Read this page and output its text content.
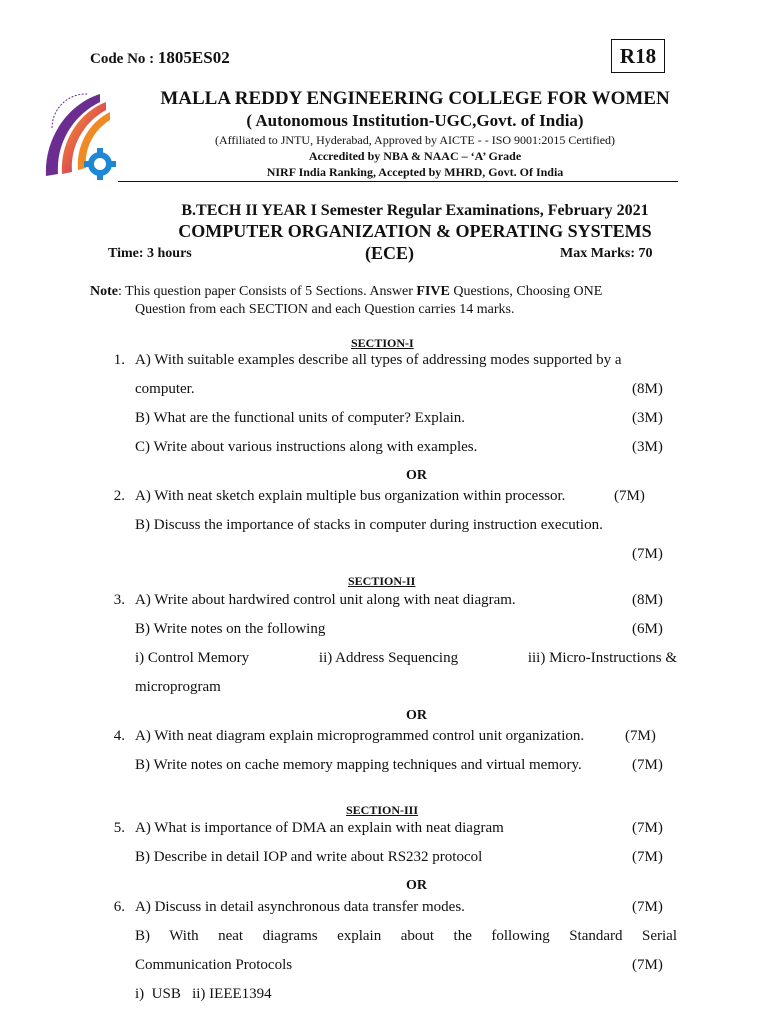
Code No : 1805ES02	R18
MALLA REDDY ENGINEERING COLLEGE FOR WOMEN
( Autonomous Institution-UGC,Govt. of India)
(Affiliated to JNTU, Hyderabad, Approved by AICTE - - ISO 9001:2015 Certified)
Accredited by NBA & NAAC – ‘A’ Grade
NIRF India Ranking, Accepted by MHRD, Govt. Of India
B.TECH II YEAR I Semester Regular Examinations, February 2021
COMPUTER ORGANIZATION & OPERATING SYSTEMS
Time: 3 hours	(ECE)	Max Marks: 70
Note: This question paper Consists of 5 Sections. Answer FIVE Questions, Choosing ONE
Question from each SECTION and each Question carries 14 marks.
SECTION-I
1. A) With suitable examples describe all types of addressing modes supported by a
computer.	(8M)
B) What are the functional units of computer? Explain.	(3M)
C) Write about various instructions along with examples.	(3M)
OR
2. A) With neat sketch explain multiple bus organization within processor.	(7M)
B) Discuss the importance of stacks in computer during instruction execution.
(7M)
SECTION-II
3. A) Write about hardwired control unit along with neat diagram.	(8M)
B) Write notes on the following	(6M)
i) Control Memory	ii) Address Sequencing	iii) Micro-Instructions &
microprogram
OR
4. A) With neat diagram explain microprogrammed control unit organization.	(7M)
B) Write notes on cache memory mapping techniques and virtual memory.	(7M)
SECTION-III
5. A) What is importance of DMA an explain with neat diagram	(7M)
B) Describe in detail IOP and write about RS232 protocol	(7M)
OR
6. A) Discuss in detail asynchronous data transfer modes.	(7M)
B) With neat diagrams explain about the following Standard Serial
Communication Protocols	(7M)
i)  USB   ii) IEEE1394
